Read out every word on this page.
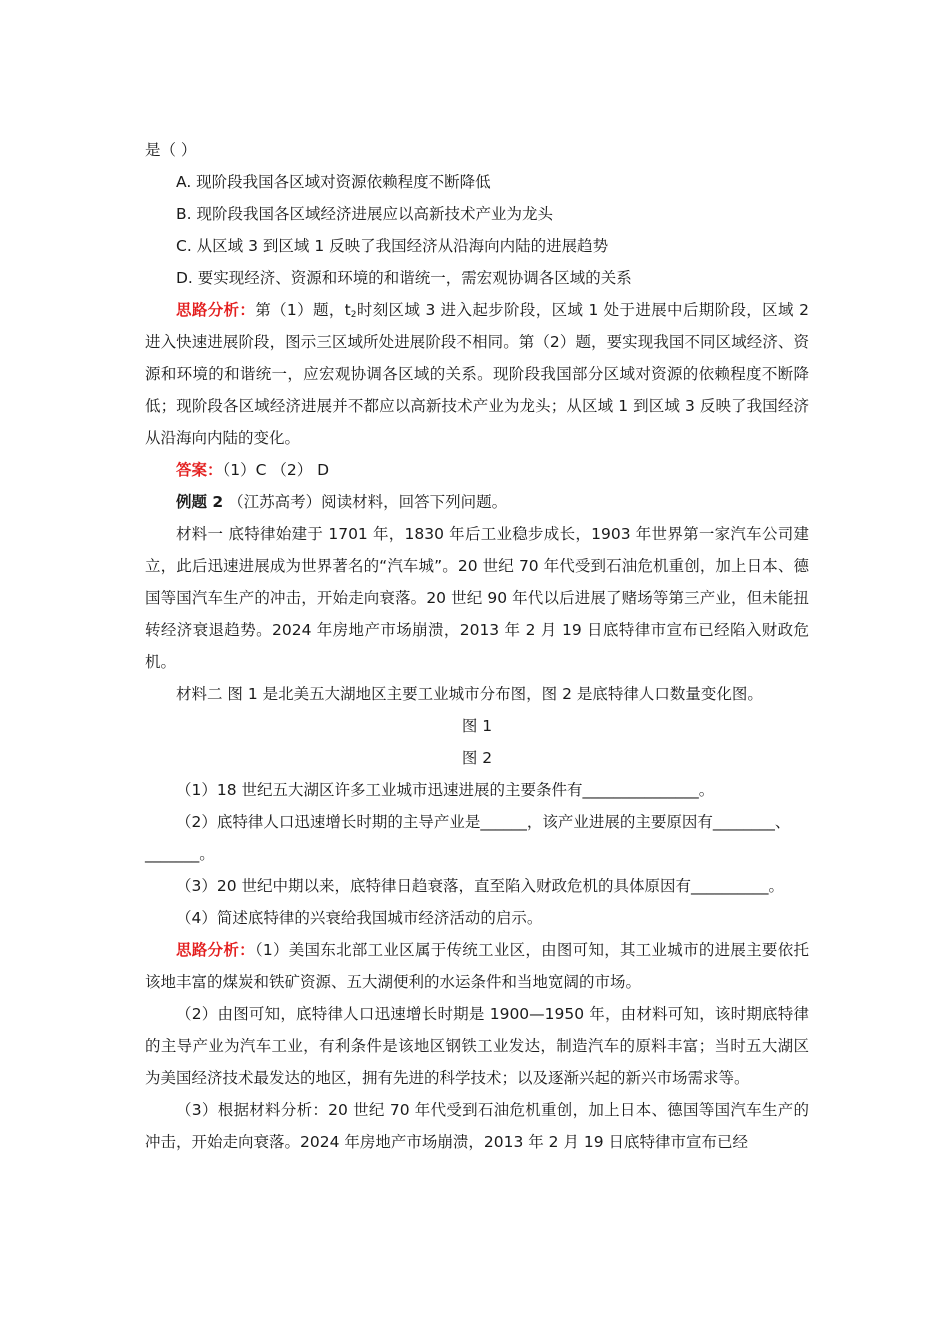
是（ ）

A. 现阶段我国各区域对资源依赖程度不断降低

B. 现阶段我国各区域经济进展应以高新技术产业为龙头

C. 从区域 3 到区域 1 反映了我国经济从沿海向内陆的进展趋势

D. 要实现经济、资源和环境的和谐统一，需宏观协调各区域的关系

思路分析：第（1）题，$t_2$时刻区域 3 进入起步阶段，区域 1 处于进展中后期阶段，区域 2 进入快速进展阶段，图示三区域所处进展阶段不相同。第（2）题，要实现我国不同区域经济、资源和环境的和谐统一，应宏观协调各区域的关系。现阶段我国部分区域对资源的依赖程度不断降低；现阶段各区域经济进展并不都应以高新技术产业为龙头；从区域 1 到区域 3 反映了我国经济从沿海向内陆的变化。

答案：（1）C （2） D

例题 2 （江苏高考）阅读材料，回答下列问题。

材料一 底特律始建于 1701 年，1830 年后工业稳步成长，1903 年世界第一家汽车公司建立，此后迅速进展成为世界著名的“汽车城”。20 世纪 70 年代受到石油危机重创，加上日本、德国等国汽车生产的冲击，开始走向衰落。20 世纪 90 年代以后进展了赌场等第三产业，但未能扭转经济衰退趋势。2024 年房地产市场崩溃，2013 年 2 月 19 日底特律市宣布已经陷入财政危机。

材料二 图 1 是北美五大湖地区主要工业城市分布图，图 2 是底特律人口数量变化图。

图 1

图 2

（1）18 世纪五大湖区许多工业城市迅速进展的主要条件有_______________。

（2）底特律人口迅速增长时期的主导产业是______，该产业进展的主要原因有________、_______。

（3）20 世纪中期以来，底特律日趋衰落，直至陷入财政危机的具体原因有__________。

（4）简述底特律的兴衰给我国城市经济活动的启示。

思路分析：（1）美国东北部工业区属于传统工业区，由图可知，其工业城市的进展主要依托该地丰富的煤炭和铁矿资源、五大湖便利的水运条件和当地宽阔的市场。

（2）由图可知，底特律人口迅速增长时期是 1900—1950 年，由材料可知，该时期底特律的主导产业为汽车工业，有利条件是该地区钢铁工业发达，制造汽车的原料丰富；当时五大湖区为美国经济技术最发达的地区，拥有先进的科学技术；以及逐渐兴起的新兴市场需求等。

（3）根据材料分析：20 世纪 70 年代受到石油危机重创，加上日本、德国等国汽车生产的冲击，开始走向衰落。2024 年房地产市场崩溃，2013 年 2 月 19 日底特律市宣布已经
